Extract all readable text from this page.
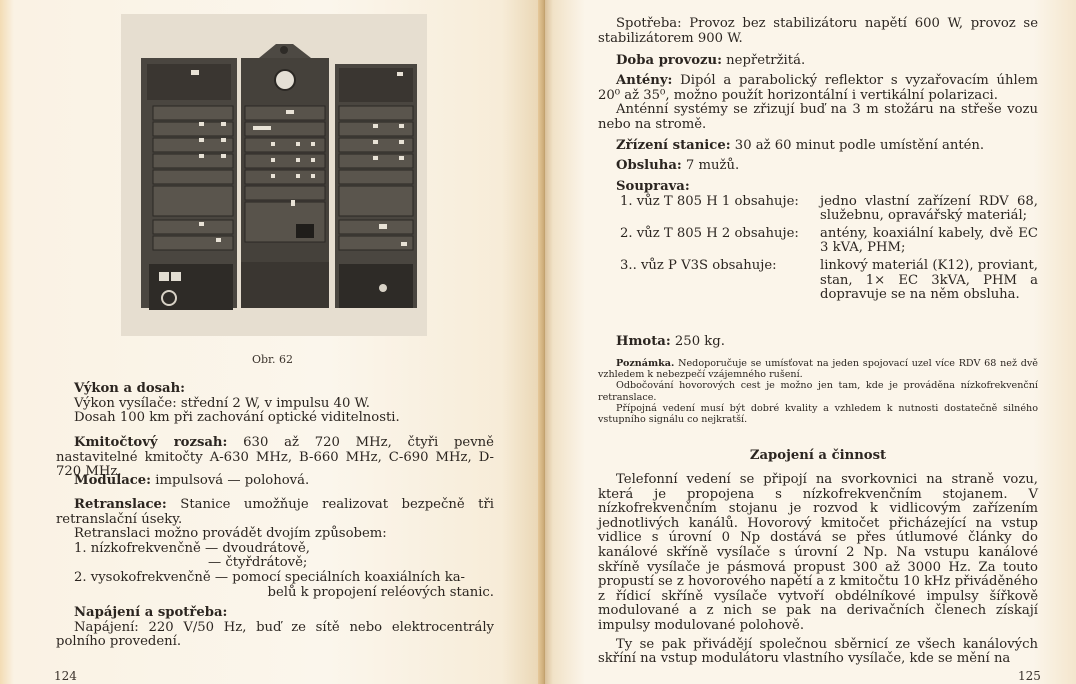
Obr. 62

Výkon a dosah:

Výkon vysílače: střední 2 W, v impulsu 40 W.

Dosah 100 km při zachování optické viditelnosti.

Kmitočtový rozsah: 630 až 720 MHz, čtyři pevně nastavitelné kmitočty A-630 MHz, B-660 MHz, C-690 MHz, D-720 MHz.

Modulace: impulsová — polohová.

Retranslace: Stanice umožňuje realizovat bezpečně tři retranslační úseky.

Retranslaci možno provádět dvojím způsobem:

1. nízkofrekvenčně — dvoudrátově,

— čtyřdrátově;

2. vysokofrekvenčně — pomocí speciálních koaxiálních ka-

belů k propojení reléových stanic.

Napájení a spotřeba:

Napájení: 220 V/50 Hz, buď ze sítě nebo elektrocentrály polního provedení.

124

Spotřeba: Provoz bez stabilizátoru napětí 600 W, provoz se stabilizátorem 900 W.

Doba provozu: nepřetržitá.

Antény: Dipól a parabolický reflektor s vyzařovacím úhlem 20⁰ až 35⁰, možno použít horizontální i vertikální polarizaci.

Anténní systémy se zřizují buď na 3 m stožáru na střeše vozu nebo na stromě.

Zřízení stanice: 30 až 60 minut podle umístění antén.

Obsluha: 7 mužů.

Souprava:

1. vůz T 805 H 1 obsahuje:	jedno vlastní zařízení RDV 68, služebnu, opravářský materiál;
2. vůz T 805 H 2 obsahuje:	antény, koaxiální kabely, dvě EC 3 kVA, PHM;
3.. vůz P V3S obsahuje:	linkový materiál (K12), proviant, stan, 1× EC 3kVA, PHM a dopravuje se na něm obsluha.

Hmota: 250 kg.

Poznámka. Nedoporučuje se umísťovat na jeden spojovací uzel více RDV 68 než dvě vzhledem k nebezpečí vzájemného rušení.

Odbočování hovorových cest je možno jen tam, kde je prováděna nízkofrekvenční retranslace.

Přípojná vedení musí být dobré kvality a vzhledem k nutnosti dostatečně silného vstupního signálu co nejkratší.

Zapojení a činnost

Telefonní vedení se připojí na svorkovnici na straně vozu, která je propojena s nízkofrekvenčním stojanem. V nízkofrekvenčním stojanu je rozvod k vidlicovým zařízením jednotlivých kanálů. Hovorový kmitočet přicházející na vstup vidlice s úrovní 0 Np dostává se přes útlumové články do kanálové skříně vysílače s úrovní 2 Np. Na vstupu kanálové skříně vysílače je pásmová propust 300 až 3000 Hz. Za touto propustí se z hovorového napětí a z kmitočtu 10 kHz přiváděného z řídicí skříně vysílače vytvoří obdélníkové impulsy šířkově modulované a z nich se pak na derivačních členech získají impulsy modulované polohově.

Ty se pak přivádějí společnou sběrnicí ze všech kanálových skříní na vstup modulátoru vlastního vysílače, kde se mění na

125
